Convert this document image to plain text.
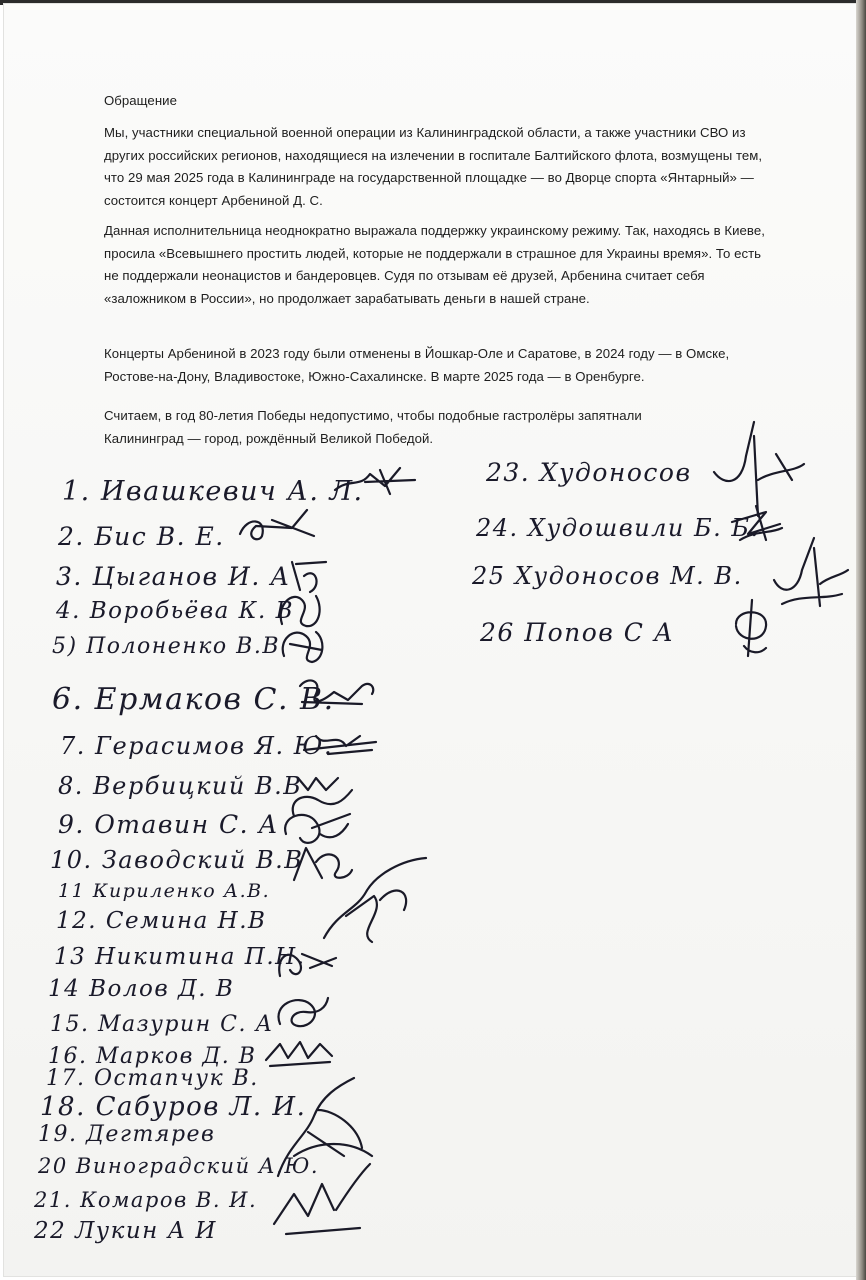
Обращение

Мы, участники специальной военной операции из Калининградской области, а также участники СВО из других российских регионов, находящиеся на излечении в госпитале Балтийского флота, возмущены тем, что 29 мая 2025 года в Калининграде на государственной площадке — во Дворце спорта «Янтарный» — состоится концерт Арбениной Д. С.

Данная исполнительница неоднократно выражала поддержку украинскому режиму. Так, находясь в Киеве, просила «Всевышнего простить людей, которые не поддержали в страшное для Украины время». То есть не поддержали неонацистов и бандеровцев. Судя по отзывам её друзей, Арбенина считает себя «заложником в России», но продолжает зарабатывать деньги в нашей стране.

Концерты Арбениной в 2023 году были отменены в Йошкар-Оле и Саратове, в 2024 году — в Омске, Ростове-на-Дону, Владивостоке, Южно-Сахалинске. В марте 2025 года — в Оренбурге.

Считаем, в год 80-летия Победы недопустимо, чтобы подобные гастролёры запятнали Калининград — город, рождённый Великой Победой.

1. Ивашкевич А. Л.
2. Бис В. Е.
3. Цыганов И. А
4. Воробьёва К. В
5) Полоненко В.В
6. Ермаков С. В.
7. Герасимов Я. Ю.
8. Вербицкий В.В
9. Отавин С. А
10. Заводский В.В
11 Кириленко А.В.
12. Семина Н.В
13 Никитина П.Н.
14 Волов Д. В
15. Мазурин С. А
16. Марков Д. В
17. Остапчук В.
18. Сабуров Л. И.
19. Дегтярев
20 Виноградский А.Ю.
21. Комаров В. И.
22 Лукин А И
23. Худоносов
24. Худошвили Б. Б.
25 Худоносов М. В.
26 Попов С А
